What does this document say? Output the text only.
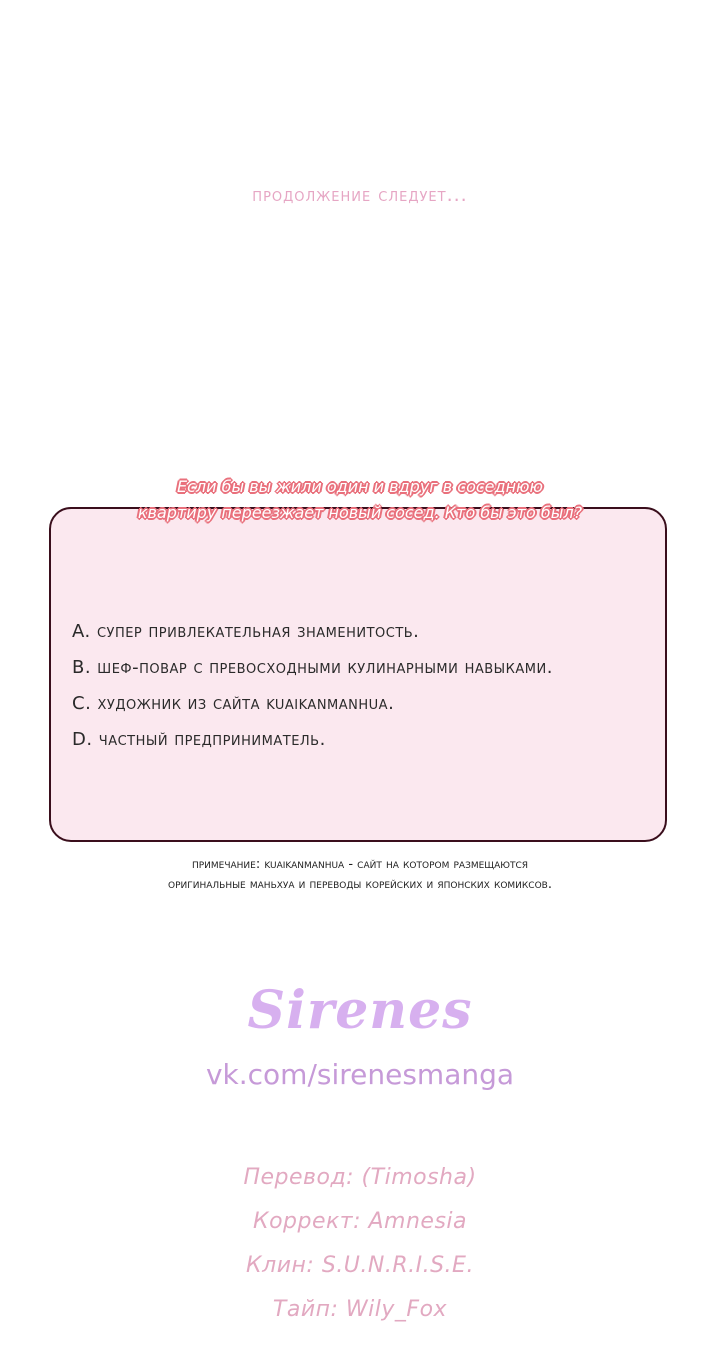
продолжение следует...
Если бы вы жили один и вдруг в соседнюю
квартиру переезжает новый сосед. Кто бы это был?
A. супер привлекательная знаменитость.
B. шеф-повар с превосходными кулинарными навыками.
C. художник из сайта kuaikanmanhua.
D. частный предприниматель.
примечание: kuaikanmanhua - сайт на котором размещаются
оригинальные маньхуа и переводы корейских и японских комиксов.
Sirenes
vk.com/sirenesmanga
Перевод: (Timosha)
Коррект: Amnesia
Клин: S.U.N.R.I.S.E.
Тайп: Wily_Fox
